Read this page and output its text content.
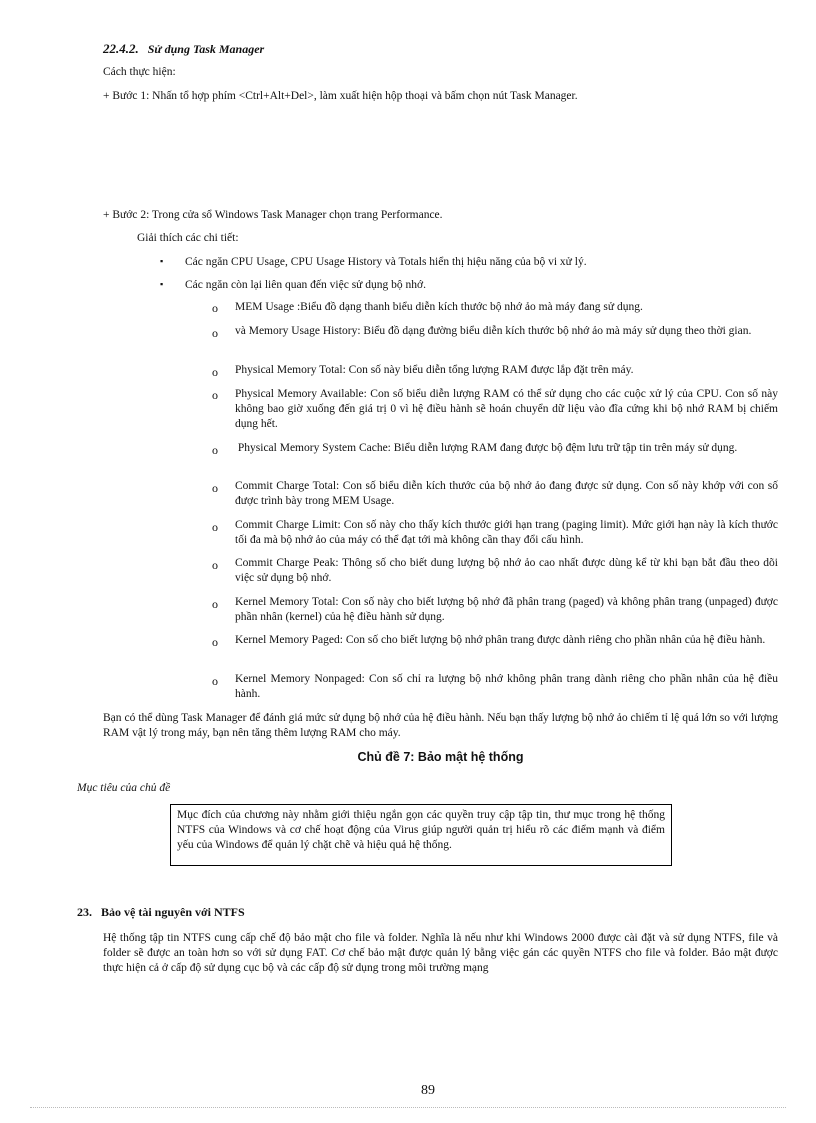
22.4.2. Sử dụng Task Manager
Cách thực hiện:
+ Bước 1: Nhấn tổ hợp phím <Ctrl+Alt+Del>, làm xuất hiện hộp thoại và bấm chọn nút Task Manager.
+ Bước 2: Trong cửa sổ Windows Task Manager chọn trang Performance.
Giải thích các chi tiết:
▪ Các ngăn CPU Usage, CPU Usage History và Totals hiển thị hiệu năng của bộ vi xử lý.
▪ Các ngăn còn lại liên quan đến việc sử dụng bộ nhớ.
o MEM Usage :Biểu đồ dạng thanh biểu diễn kích thước bộ nhớ ảo mà máy đang sử dụng.
o và Memory Usage History: Biểu đồ dạng đường biểu diễn kích thước bộ nhớ ảo mà máy sử dụng theo thời gian.
o Physical Memory Total: Con số này biểu diễn tổng lượng RAM được lắp đặt trên máy.
o Physical Memory Available: Con số biểu diễn lượng RAM có thể sử dụng cho các cuộc xử lý của CPU. Con số này không bao giờ xuống đến giá trị 0 vì hệ điều hành sẽ hoán chuyển dữ liệu vào đĩa cứng khi bộ nhớ RAM bị chiếm dụng hết.
o Physical Memory System Cache: Biểu diễn lượng RAM đang được bộ đệm lưu trữ tập tin trên máy sử dụng.
o Commit Charge Total: Con số biểu diễn kích thước của bộ nhớ ảo đang được sử dụng. Con số này khớp với con số được trình bày trong MEM Usage.
o Commit Charge Limit: Con số này cho thấy kích thước giới hạn trang (paging limit). Mức giới hạn này là kích thước tối đa mà bộ nhớ ảo của máy có thể đạt tới mà không cần thay đổi cấu hình.
o Commit Charge Peak: Thông số cho biết dung lượng bộ nhớ ảo cao nhất được dùng kể từ khi bạn bắt đầu theo dõi việc sử dụng bộ nhớ.
o Kernel Memory Total: Con số này cho biết lượng bộ nhớ đã phân trang (paged) và không phân trang (unpaged) được phần nhân (kernel) của hệ điều hành sử dụng.
o Kernel Memory Paged: Con số cho biết lượng bộ nhớ phân trang được dành riêng cho phần nhân của hệ điều hành.
o Kernel Memory Nonpaged: Con số chỉ ra lượng bộ nhớ không phân trang dành riêng cho phần nhân của hệ điều hành.
Bạn có thể dùng Task Manager để đánh giá mức sử dụng bộ nhớ của hệ điều hành. Nếu bạn thấy lượng bộ nhớ ảo chiếm tỉ lệ quá lớn so với lượng RAM vật lý trong máy, bạn nên tăng thêm lượng RAM cho máy.
Chủ đề 7: Bảo mật hệ thống
Mục tiêu của chủ đề
Mục đích của chương này nhằm giới thiệu ngắn gọn các quyền truy cập tập tin, thư mục trong hệ thống NTFS của Windows và cơ chế hoạt động của Virus giúp người quản trị hiểu rõ các điểm mạnh và điểm yếu của Windows để quản lý chặt chẽ và hiệu quả hệ thống.
23. Bảo vệ tài nguyên với NTFS
Hệ thống tập tin NTFS cung cấp chế độ bảo mật cho file và folder. Nghĩa là nếu như khi Windows 2000 được cài đặt và sử dụng NTFS, file và folder sẽ được an toàn hơn so với sử dụng FAT. Cơ chế bảo mật được quản lý bằng việc gán các quyền NTFS cho file và folder. Bảo mật được thực hiện cả ở cấp độ sử dụng cục bộ và các cấp độ sử dụng trong môi trường mạng
89
